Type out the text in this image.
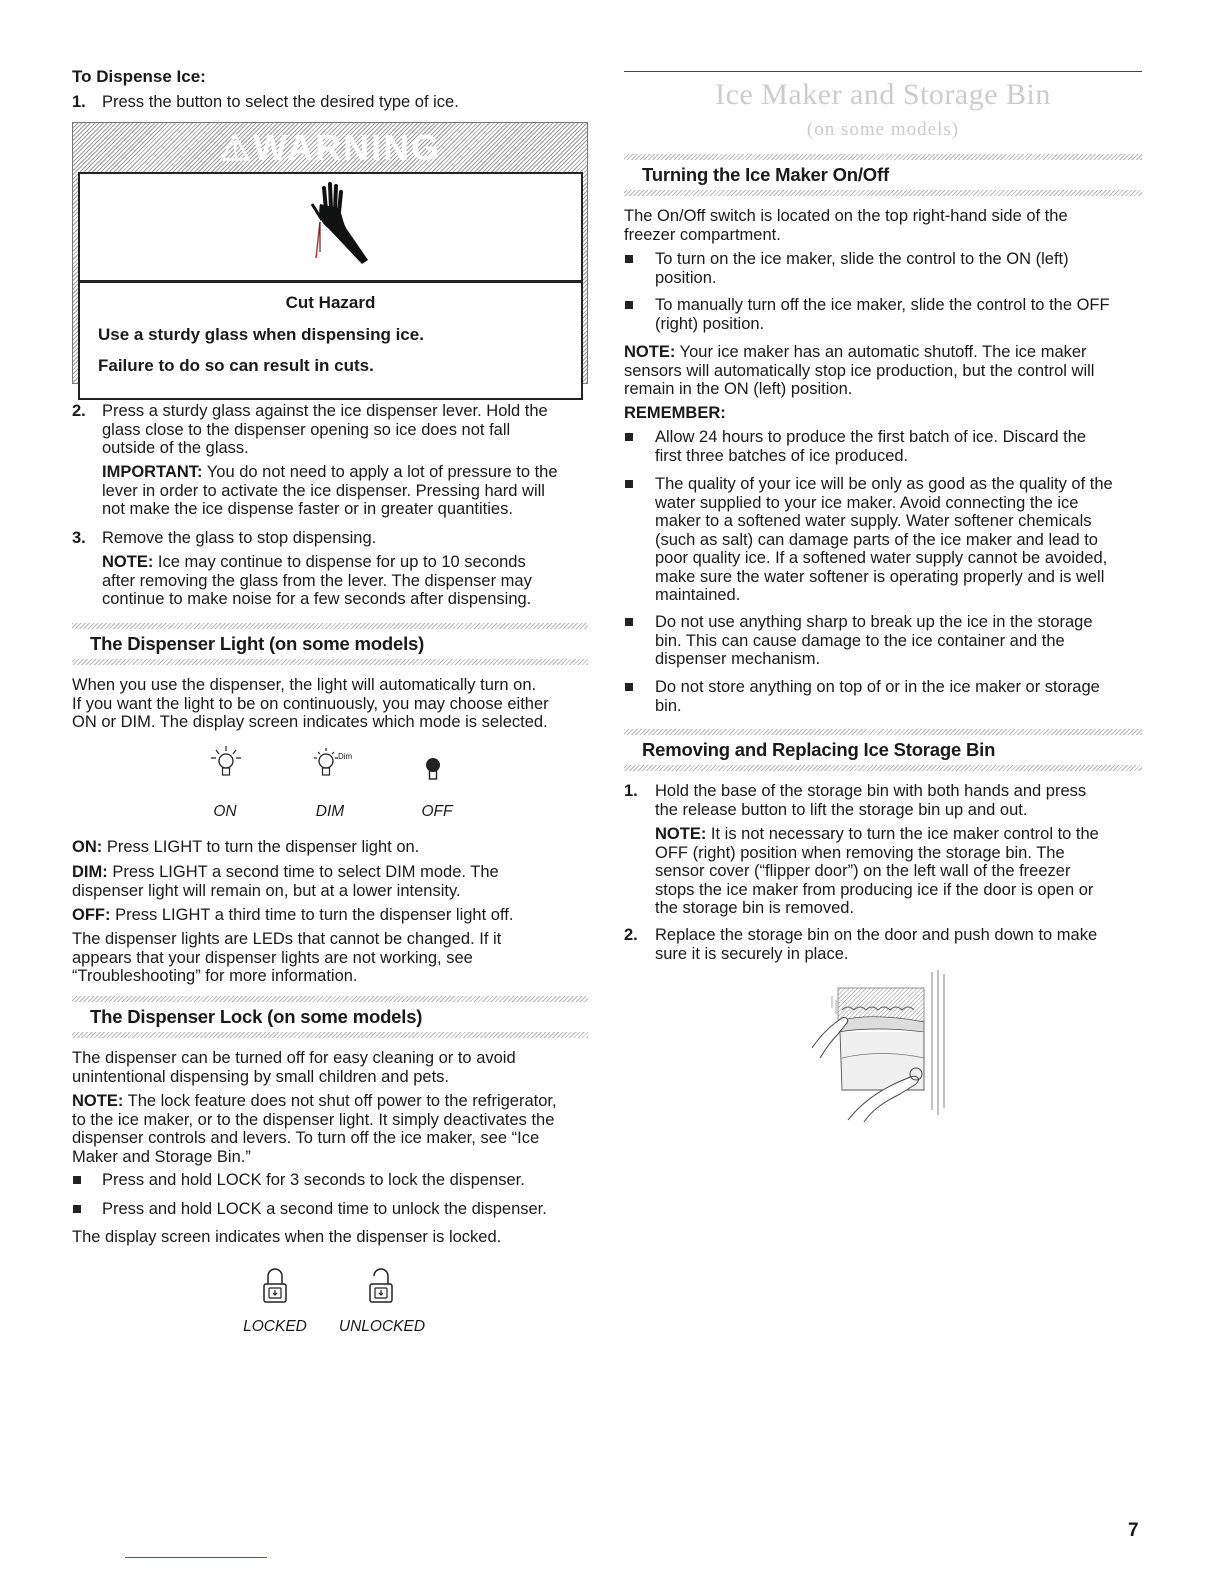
To Dispense Ice:
1. Press the button to select the desired type of ice.
⚠WARNING
Cut Hazard
Use a sturdy glass when dispensing ice.
Failure to do so can result in cuts.
2. Press a sturdy glass against the ice dispenser lever. Hold the

glass close to the dispenser opening so ice does not fall

outside of the glass.

IMPORTANT: You do not need to apply a lot of pressure to the

lever in order to activate the ice dispenser. Pressing hard will

not make the ice dispense faster or in greater quantities.

3. Remove the glass to stop dispensing.

NOTE: Ice may continue to dispense for up to 10 seconds

after removing the glass from the lever. The dispenser may

continue to make noise for a few seconds after dispensing.

The Dispenser Light (on some models)

When you use the dispenser, the light will automatically turn on.

If you want the light to be on continuously, you may choose either

ON or DIM. The display screen indicates which mode is selected.

Dim
ON	DIM	OFF
ON: Press LIGHT to turn the dispenser light on.

DIM: Press LIGHT a second time to select DIM mode. The

dispenser light will remain on, but at a lower intensity.

OFF: Press LIGHT a third time to turn the dispenser light off.

The dispenser lights are LEDs that cannot be changed. If it

appears that your dispenser lights are not working, see

“Troubleshooting” for more information.

The Dispenser Lock (on some models)

The dispenser can be turned off for easy cleaning or to avoid

unintentional dispensing by small children and pets.

NOTE: The lock feature does not shut off power to the refrigerator,

to the ice maker, or to the dispenser light. It simply deactivates the

dispenser controls and levers. To turn off the ice maker, see “Ice

Maker and Storage Bin.”

Press and hold LOCK for 3 seconds to lock the dispenser.
Press and hold LOCK a second time to unlock the dispenser.
The display screen indicates when the dispenser is locked.
LOCKED	UNLOCKED
Ice Maker and Storage Bin
(on some models)
Turning the Ice Maker On/Off

The On/Off switch is located on the top right-hand side of the

freezer compartment.

To turn on the ice maker, slide the control to the ON (left)

position.

To manually turn off the ice maker, slide the control to the OFF

(right) position.

NOTE: Your ice maker has an automatic shutoff. The ice maker

sensors will automatically stop ice production, but the control will

remain in the ON (left) position.

REMEMBER:

Allow 24 hours to produce the first batch of ice. Discard the

first three batches of ice produced.

The quality of your ice will be only as good as the quality of the

water supplied to your ice maker. Avoid connecting the ice

maker to a softened water supply. Water softener chemicals

(such as salt) can damage parts of the ice maker and lead to

poor quality ice. If a softened water supply cannot be avoided,

make sure the water softener is operating properly and is well

maintained.

Do not use anything sharp to break up the ice in the storage

bin. This can cause damage to the ice container and the

dispenser mechanism.

Do not store anything on top of or in the ice maker or storage

bin.

Removing and Replacing Ice Storage Bin
1. Hold the base of the storage bin with both hands and press

the release button to lift the storage bin up and out.

NOTE: It is not necessary to turn the ice maker control to the

OFF (right) position when removing the storage bin. The

sensor cover (“flipper door”) on the left wall of the freezer

stops the ice maker from producing ice if the door is open or

the storage bin is removed.

2. Replace the storage bin on the door and push down to make

sure it is securely in place.

7
